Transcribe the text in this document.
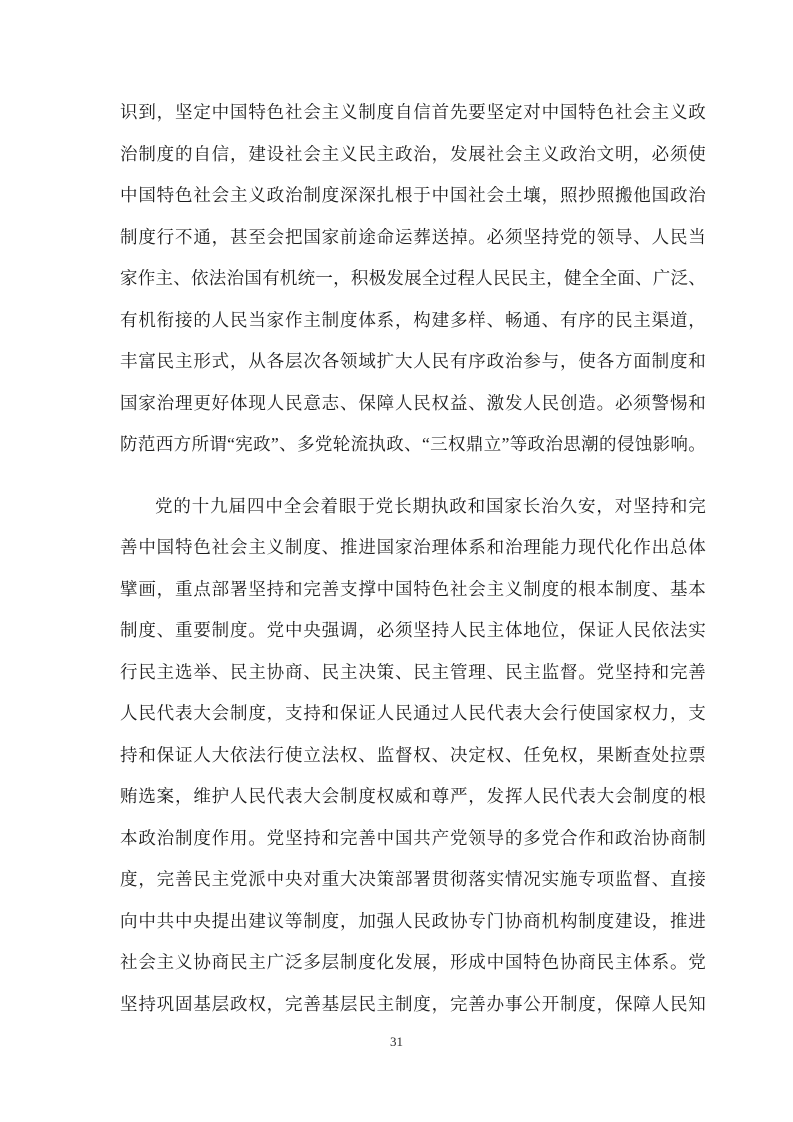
识到，坚定中国特色社会主义制度自信首先要坚定对中国特色社会主义政
治制度的自信，建设社会主义民主政治，发展社会主义政治文明，必须使
中国特色社会主义政治制度深深扎根于中国社会土壤，照抄照搬他国政治
制度行不通，甚至会把国家前途命运葬送掉。必须坚持党的领导、人民当
家作主、依法治国有机统一，积极发展全过程人民民主，健全全面、广泛、
有机衔接的人民当家作主制度体系，构建多样、畅通、有序的民主渠道，
丰富民主形式，从各层次各领域扩大人民有序政治参与，使各方面制度和
国家治理更好体现人民意志、保障人民权益、激发人民创造。必须警惕和
防范西方所谓“宪政”、多党轮流执政、“三权鼎立”等政治思潮的侵蚀影响。
党的十九届四中全会着眼于党长期执政和国家长治久安，对坚持和完
善中国特色社会主义制度、推进国家治理体系和治理能力现代化作出总体
擘画，重点部署坚持和完善支撑中国特色社会主义制度的根本制度、基本
制度、重要制度。党中央强调，必须坚持人民主体地位，保证人民依法实
行民主选举、民主协商、民主决策、民主管理、民主监督。党坚持和完善
人民代表大会制度，支持和保证人民通过人民代表大会行使国家权力，支
持和保证人大依法行使立法权、监督权、决定权、任免权，果断查处拉票
贿选案，维护人民代表大会制度权威和尊严，发挥人民代表大会制度的根
本政治制度作用。党坚持和完善中国共产党领导的多党合作和政治协商制
度，完善民主党派中央对重大决策部署贯彻落实情况实施专项监督、直接
向中共中央提出建议等制度，加强人民政协专门协商机构制度建设，推进
社会主义协商民主广泛多层制度化发展，形成中国特色协商民主体系。党
坚持巩固基层政权，完善基层民主制度，完善办事公开制度，保障人民知
31
